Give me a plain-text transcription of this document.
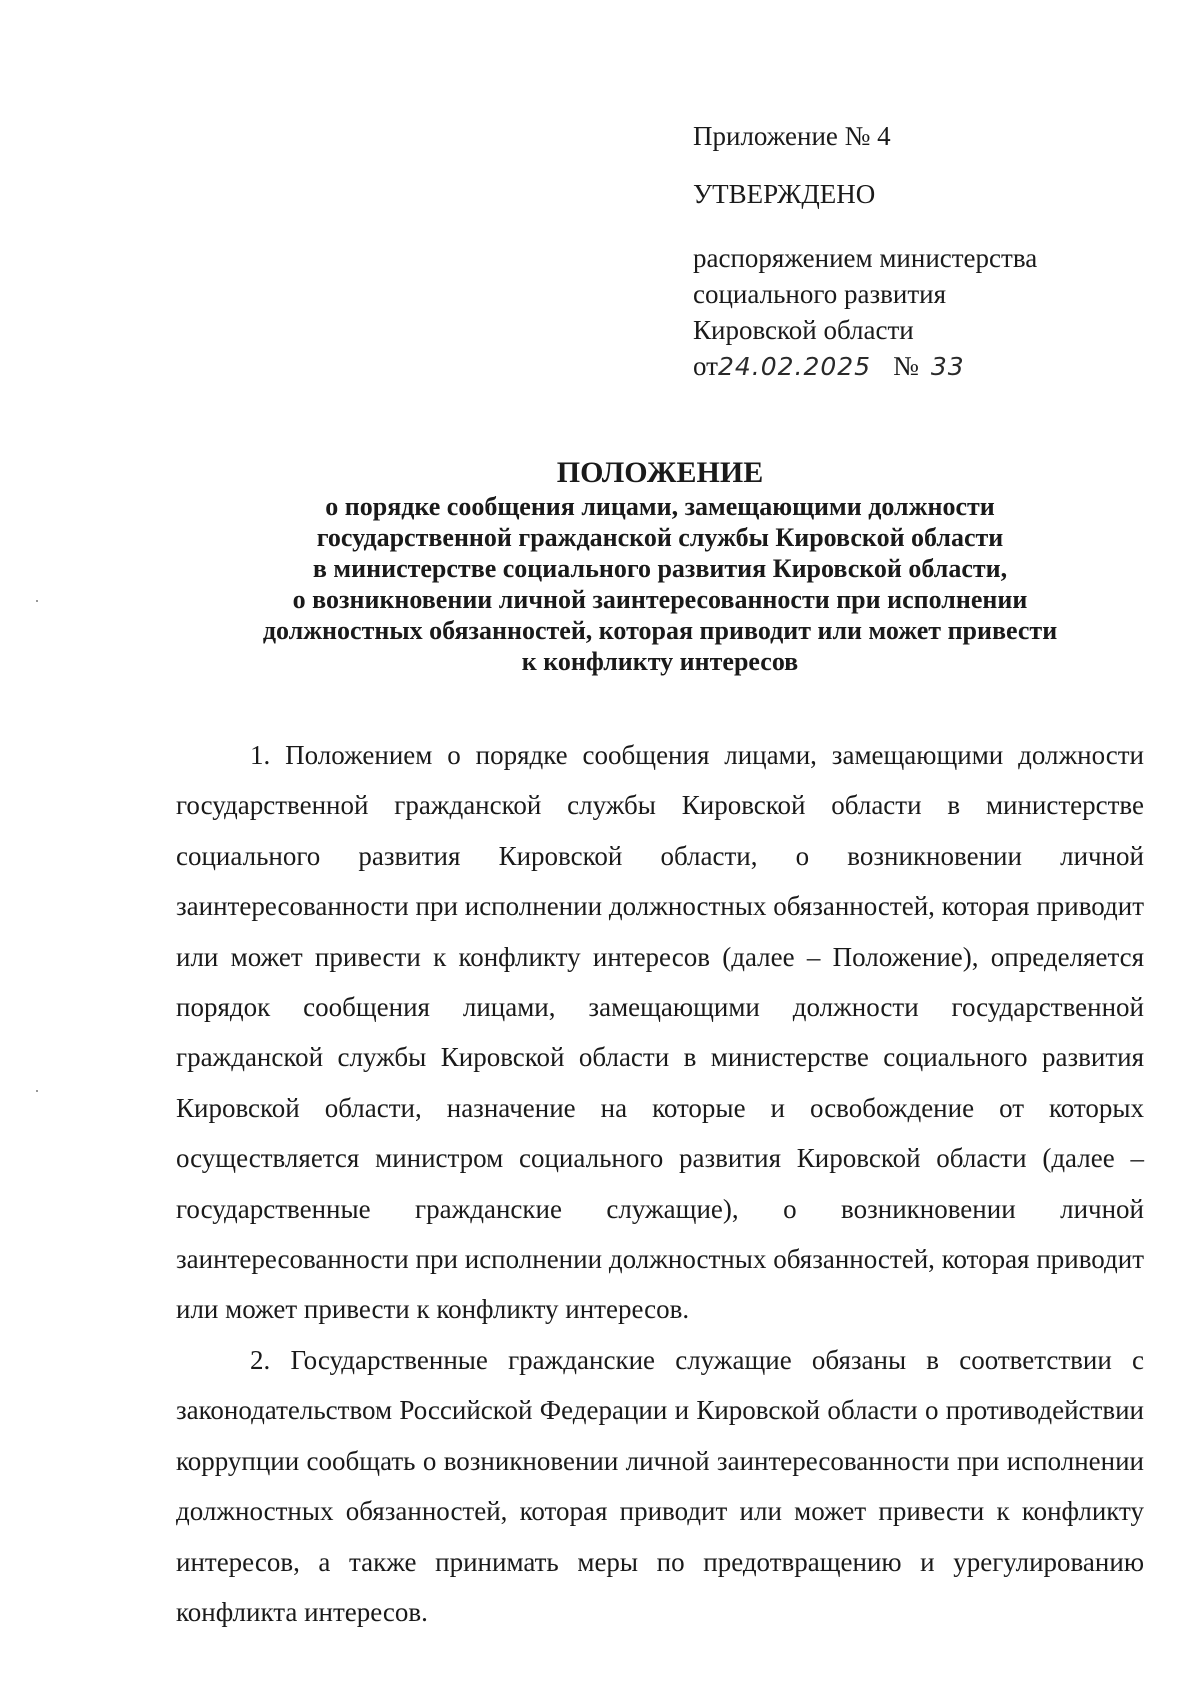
Приложение № 4
УТВЕРЖДЕНО
распоряжением министерства
социального развития
Кировской области
от24.02.2025 № 33
ПОЛОЖЕНИЕ
о порядке сообщения лицами, замещающими должности
государственной гражданской службы Кировской области
в министерстве социального развития Кировской области,
о возникновении личной заинтересованности при исполнении
должностных обязанностей, которая приводит или может привести
к конфликту интересов

1. Положением о порядке сообщения лицами, замещающими должности государственной гражданской службы Кировской области в министерстве социального развития Кировской области, о возникновении личной заинтересованности при исполнении должностных обязанностей, которая приводит или может привести к конфликту интересов (далее – Положение), определяется порядок сообщения лицами, замещающими должности государственной гражданской службы Кировской области в министерстве социального развития Кировской области, назначение на которые и освобождение от которых осуществляется министром социального развития Кировской области (далее – государственные гражданские служащие), о возникновении личной заинтересованности при исполнении должностных обязанностей, которая приводит или может привести к конфликту интересов.

2. Государственные гражданские служащие обязаны в соответствии с законодательством Российской Федерации и Кировской области о противодействии коррупции сообщать о возникновении личной заинтересованности при исполнении должностных обязанностей, которая приводит или может привести к конфликту интересов, а также принимать меры по предотвращению и урегулированию конфликта интересов.
